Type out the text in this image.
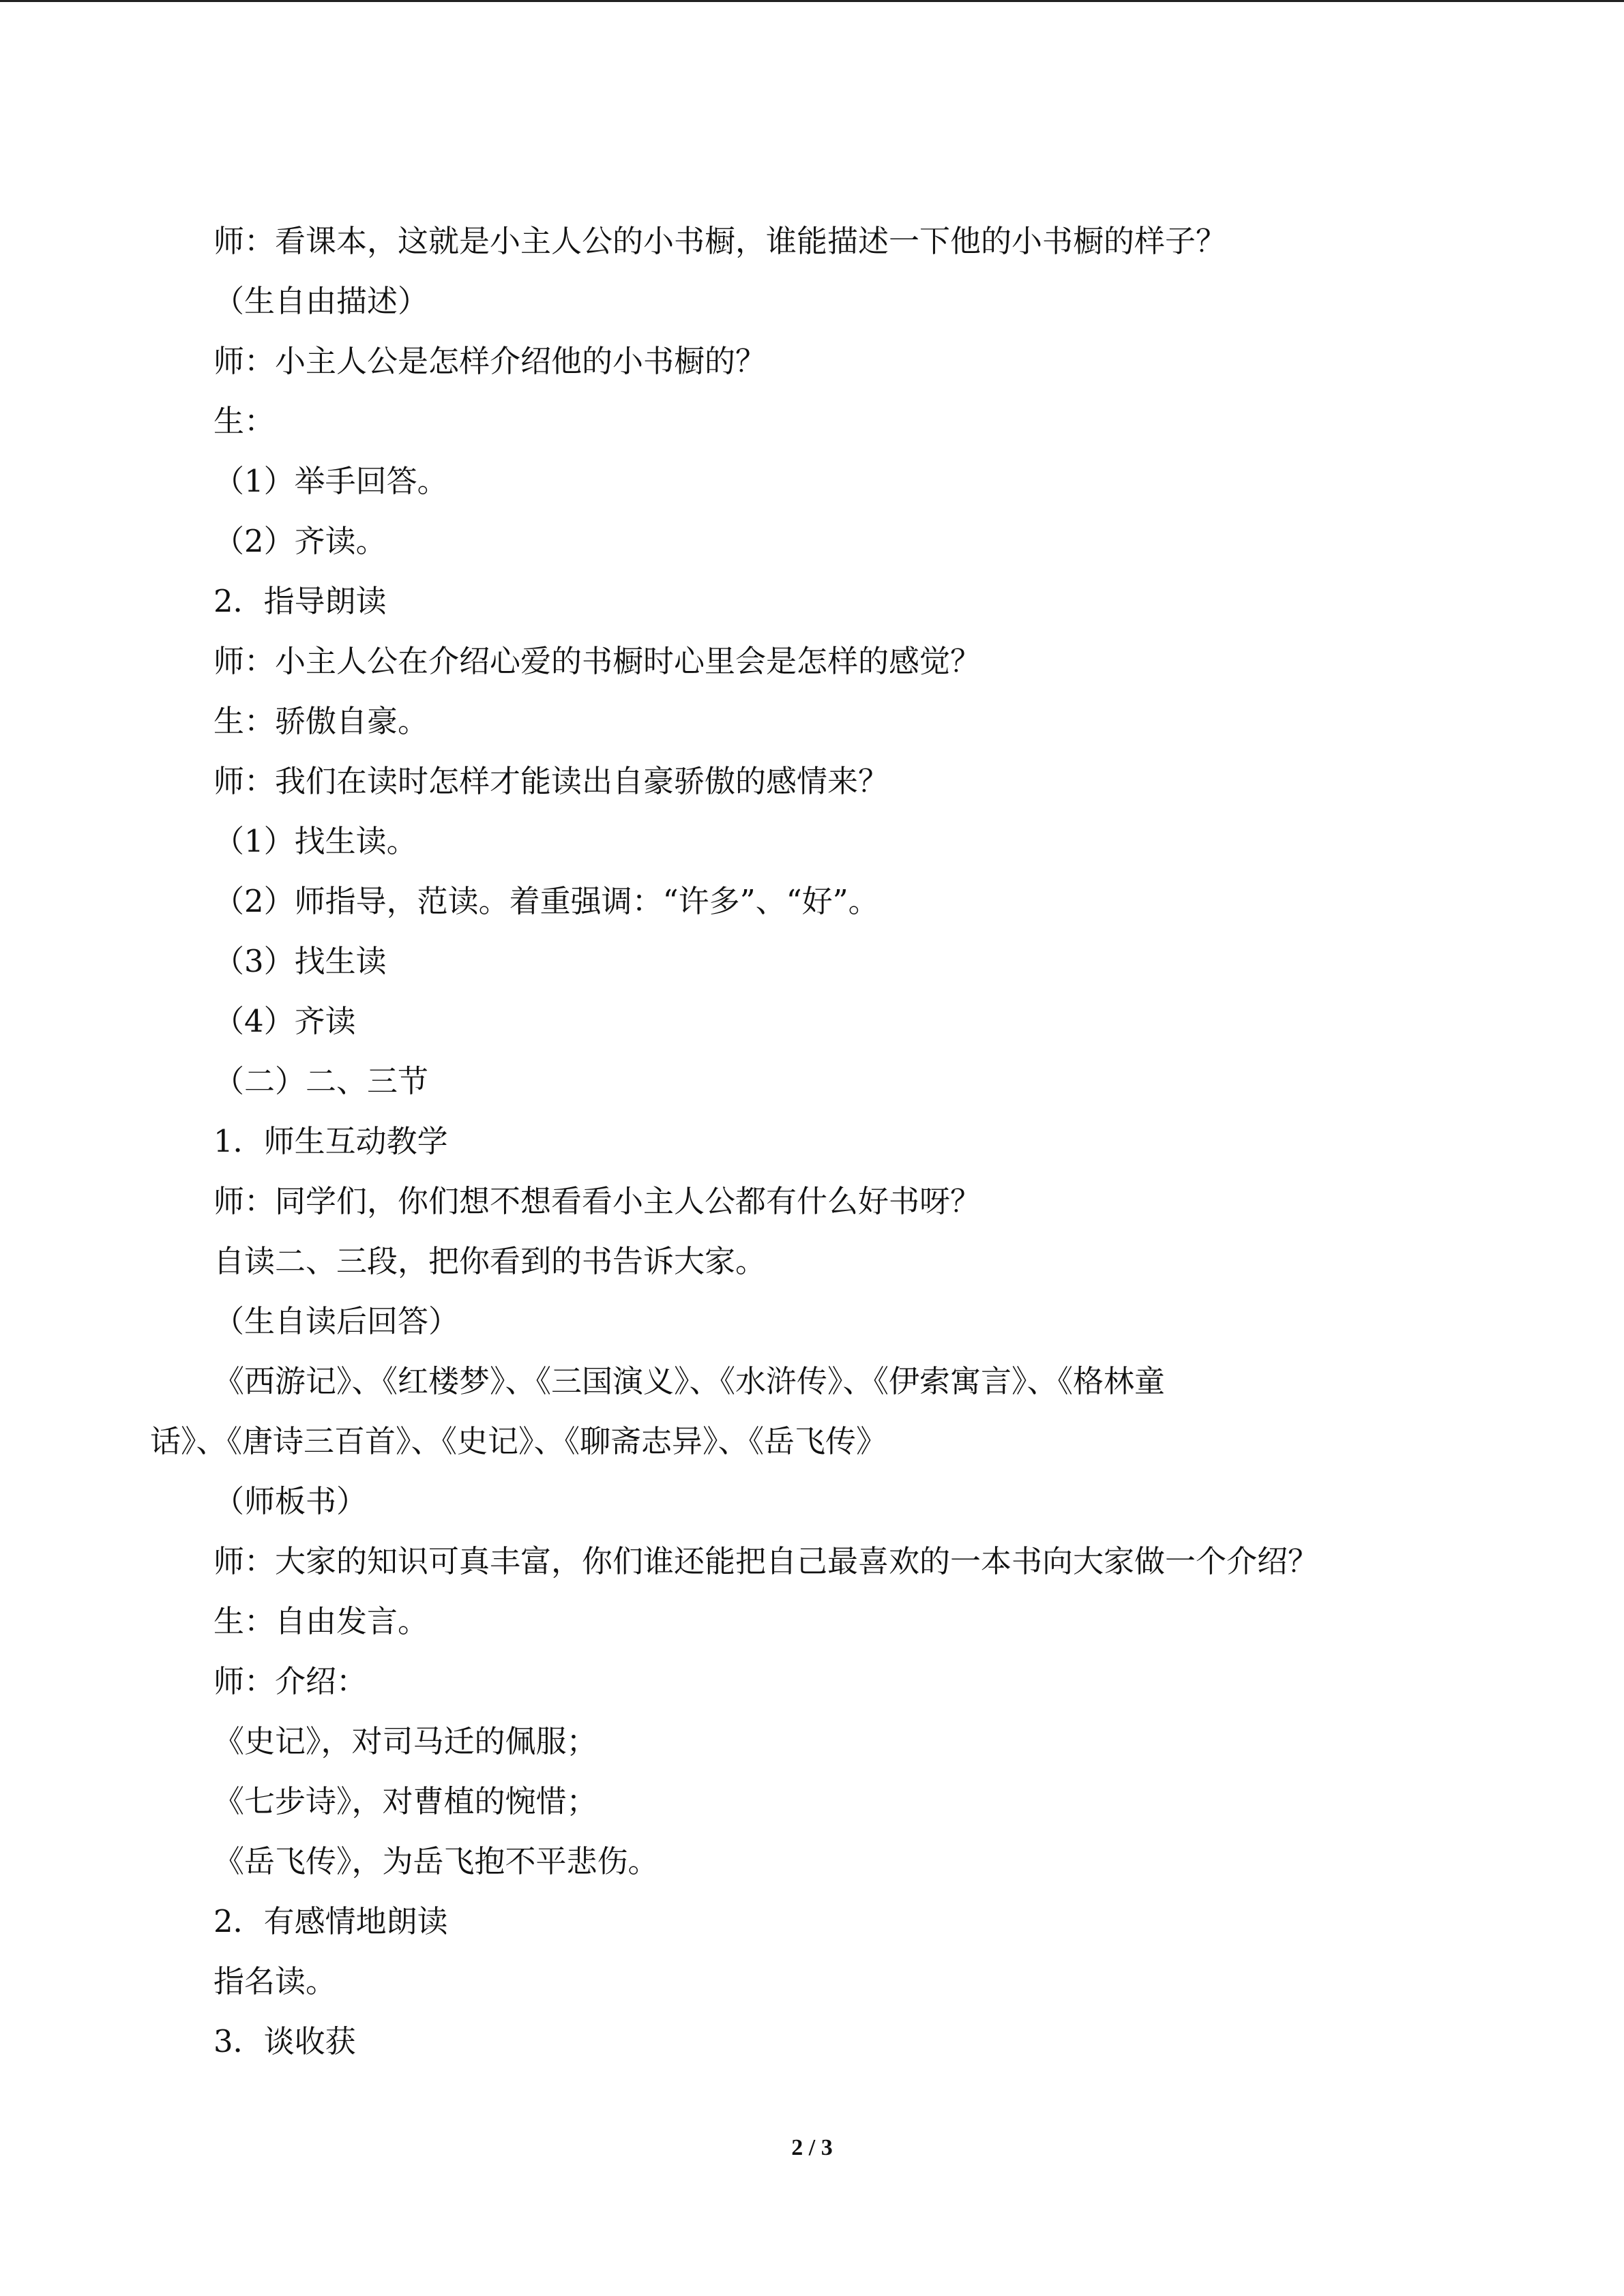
师：看课本，这就是小主人公的小书橱，谁能描述一下他的小书橱的样子？
（生自由描述）
师：小主人公是怎样介绍他的小书橱的？
生：
（1）举手回答。
（2）齐读。
2．指导朗读
师：小主人公在介绍心爱的书橱时心里会是怎样的感觉？
生：骄傲自豪。
师：我们在读时怎样才能读出自豪骄傲的感情来？
（1）找生读。
（2）师指导，范读。着重强调：“许多”、“好”。
（3）找生读
（4）齐读
（二）二、三节
1．师生互动教学
师：同学们，你们想不想看看小主人公都有什么好书呀？
自读二、三段，把你看到的书告诉大家。
（生自读后回答）
《西游记》、《红楼梦》、《三国演义》、《水浒传》、《伊索寓言》、《格林童
话》、《唐诗三百首》、《史记》、《聊斋志异》、《岳飞传》
（师板书）
师：大家的知识可真丰富，你们谁还能把自己最喜欢的一本书向大家做一个介绍？
生：自由发言。
师：介绍：
《史记》，对司马迁的佩服；
《七步诗》，对曹植的惋惜；
《岳飞传》，为岳飞抱不平悲伤。
2．有感情地朗读
指名读。
3．谈收获
2 / 3
